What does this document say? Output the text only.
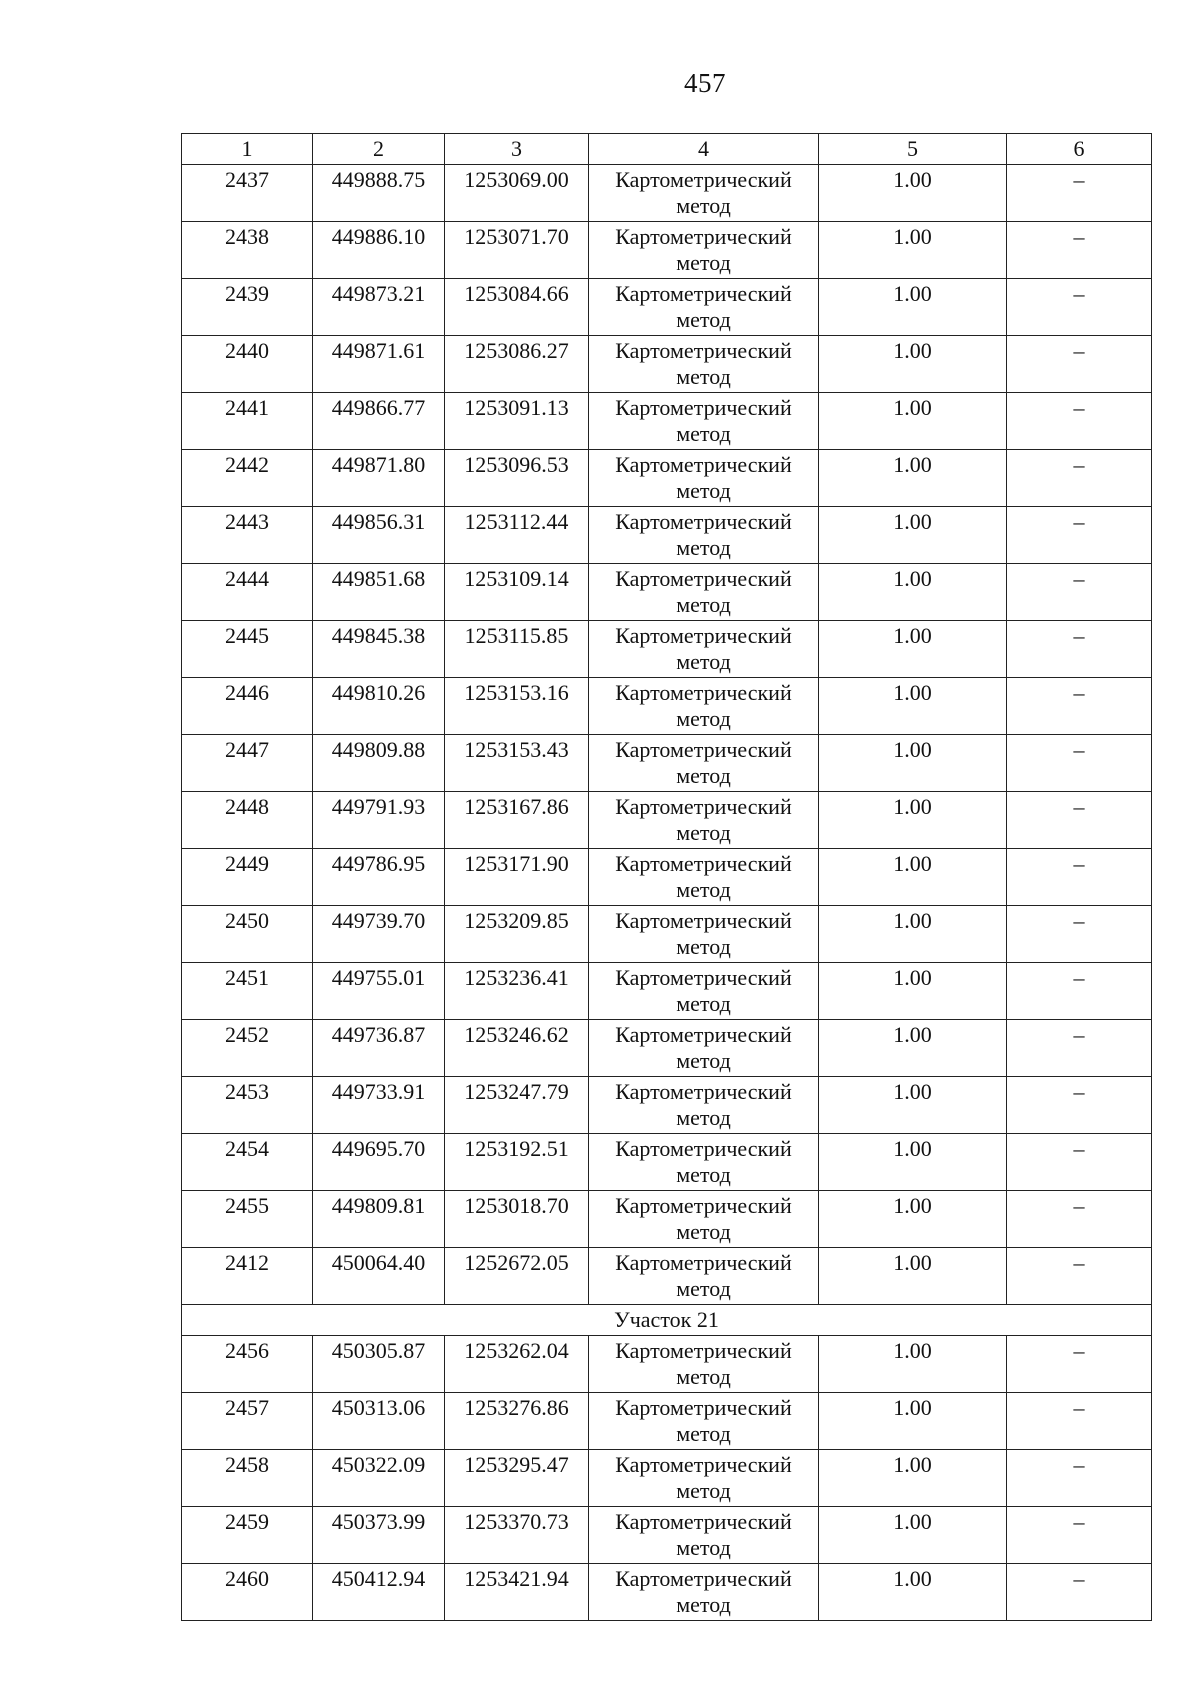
457
1	2	3	4	5	6
2437	449888.75	1253069.00	Картометрический метод	1.00	–
2438	449886.10	1253071.70	Картометрический метод	1.00	–
2439	449873.21	1253084.66	Картометрический метод	1.00	–
2440	449871.61	1253086.27	Картометрический метод	1.00	–
2441	449866.77	1253091.13	Картометрический метод	1.00	–
2442	449871.80	1253096.53	Картометрический метод	1.00	–
2443	449856.31	1253112.44	Картометрический метод	1.00	–
2444	449851.68	1253109.14	Картометрический метод	1.00	–
2445	449845.38	1253115.85	Картометрический метод	1.00	–
2446	449810.26	1253153.16	Картометрический метод	1.00	–
2447	449809.88	1253153.43	Картометрический метод	1.00	–
2448	449791.93	1253167.86	Картометрический метод	1.00	–
2449	449786.95	1253171.90	Картометрический метод	1.00	–
2450	449739.70	1253209.85	Картометрический метод	1.00	–
2451	449755.01	1253236.41	Картометрический метод	1.00	–
2452	449736.87	1253246.62	Картометрический метод	1.00	–
2453	449733.91	1253247.79	Картометрический метод	1.00	–
2454	449695.70	1253192.51	Картометрический метод	1.00	–
2455	449809.81	1253018.70	Картометрический метод	1.00	–
2412	450064.40	1252672.05	Картометрический метод	1.00	–
Участок 21					
2456	450305.87	1253262.04	Картометрический метод	1.00	–
2457	450313.06	1253276.86	Картометрический метод	1.00	–
2458	450322.09	1253295.47	Картометрический метод	1.00	–
2459	450373.99	1253370.73	Картометрический метод	1.00	–
2460	450412.94	1253421.94	Картометрический метод	1.00	–
